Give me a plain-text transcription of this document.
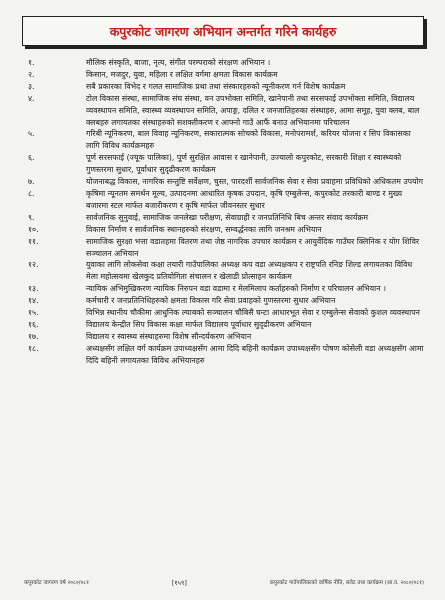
कपुरकोट जागरण अभियान अन्तर्गत गरिने कार्यहरु
१.	मौलिक संस्कृति, बाजा, नृत्य, संगीत परम्पराको संरक्षण अभियान ।
२.	किसान, मजदुर, युवा, महिला र लक्षित वर्गमा क्षमता विकास कार्यक्रम
३.	सबै प्रकारका विभेद र गलत सामाजिक प्रथा तथा संस्कारहरुको न्यूनीकरण गर्न विशेष कार्यक्रम
४.	टोल विकास संस्था, सामाजिक संघ संस्था, वन उपभोक्ता समिति, खानेपानी तथा सरसफाई उपभोक्ता समिति, विद्यालय व्यवस्थापन समिति, स्वास्थ्य व्यवस्थापन समिति, अपाङ्ग, दलित र जनजातिहरुका संस्थाहरु, आमा समूह, युवा क्लब, बाल क्लबहरु लगायतका संस्थाहरुको सशक्तीकरण र आफ्नो गाउँ आफैं बनाउ अभियानमा परिचालन
५.	गरिबी न्यूनिकरण, बाल विवाह न्यूनिकरण, सकारात्मक सोचको विकास, मनोपरामर्श, करियर योजना र सिप विकासका लागि विविध कार्यक्रमहरु
६.	पूर्ण सरसफाई (ज्यूक पालिका), पूर्ण सुरक्षित आवास र खानेपानी, उज्यालो कपुरकोट, सरकारी शिक्षा र स्वास्थ्यको गुणस्तरमा सुधार, पूर्वाधार सुदृढीकरण कार्यक्रम
७.	योजनाबद्ध विकास, नागरिक सन्तुष्टि सर्वेक्षण, चुस्त, पारदर्शी सार्वजनिक सेवा र सेवा प्रवाहमा प्रविधिको अधिकतम उपयोग
८.	कृषिमा न्यूनतम समर्थन मूल्य, उत्पादनमा आधारित कृषक उपदान, कृषि एम्बुलेन्स, कपुरकोट तरकारी बाण्ड र मुख्य बजारमा स्टल मार्फत बजारीकरण र कृषि मार्फत जीवनस्तर सुधार
९.	सार्वजनिक सुनुवाई, सामाजिक जनलेखा परीक्षण, सेवाग्राही र जनप्रतिनिधि बिच अन्तर संवाद कार्यक्रम
१०.	विकास निर्माण र सार्वजनिक स्थानहरुको संरक्षण, सम्वर्द्धनका लागि जनश्रम अभियान
११.	सामाजिक सुरक्षा भत्ता वडातहमा वितरण तथा जेष्ठ नागरिक उपचार कार्यक्रम र आयुर्वेदिक गाउँघर क्लिनिक र योग शिविर सञ्चालन अभियान
१२.	युवाका लागि लोकसेवा कक्षा तयारी गाउँपालिका अध्यक्ष कप वडा अध्यक्षकप र राष्ट्रपति रनिङ शिल्ड लगायतका विविध मेला महोत्सवमा खेलकुद प्रतियोगिता संचालन र खेलाडी प्रोत्साहन कार्यक्रम
१३.	न्यायिक अभिमुखिकरण न्यायिक निरुपन वडा वडामा र मेलमिलाप कर्ताहरुको निर्माण र परिचालन अभियान ।
१४.	कर्मचारी र जनप्रतिनिधिहरुको क्षमता विकास गरि सेवा प्रवाहको गुणस्तरमा सुधार अभियान
१५.	विभिन्न स्थानीय चौकीमा आधुनिक ल्याबको सञ्चालन चौबिसै घन्टा आधारभूत सेवा र एम्बुलेन्स सेवाको कुशल व्यवस्थापन
१६.	विद्यालय केन्द्रीत सिप विकास कक्षा मार्फत विद्यालय पूर्वाधार सुदृढीकरण अभियान
१७.	विद्यालय र स्वास्थ्य संस्थाहरुमा विशेष सौन्दर्यकरण अभियान
१८.	अध्यक्षसँग लक्षित वर्ग कार्यक्रम उपाध्यक्षसँग आमा दिदि बहिनी कार्यक्रम उपाध्यक्षसँग पोषण कोसेली वडा अध्यक्षसँग आमा दिदि बहिनी लगायतका विविध अभियानहरु
कपुरकोट जागरण वर्ष २०८०/०८१	[१५९]	कपुरकोट गाउँपालिकाको वार्षिक नीति, बजेट तथा कार्यक्रम (आ.व. २०८०/०८१)
